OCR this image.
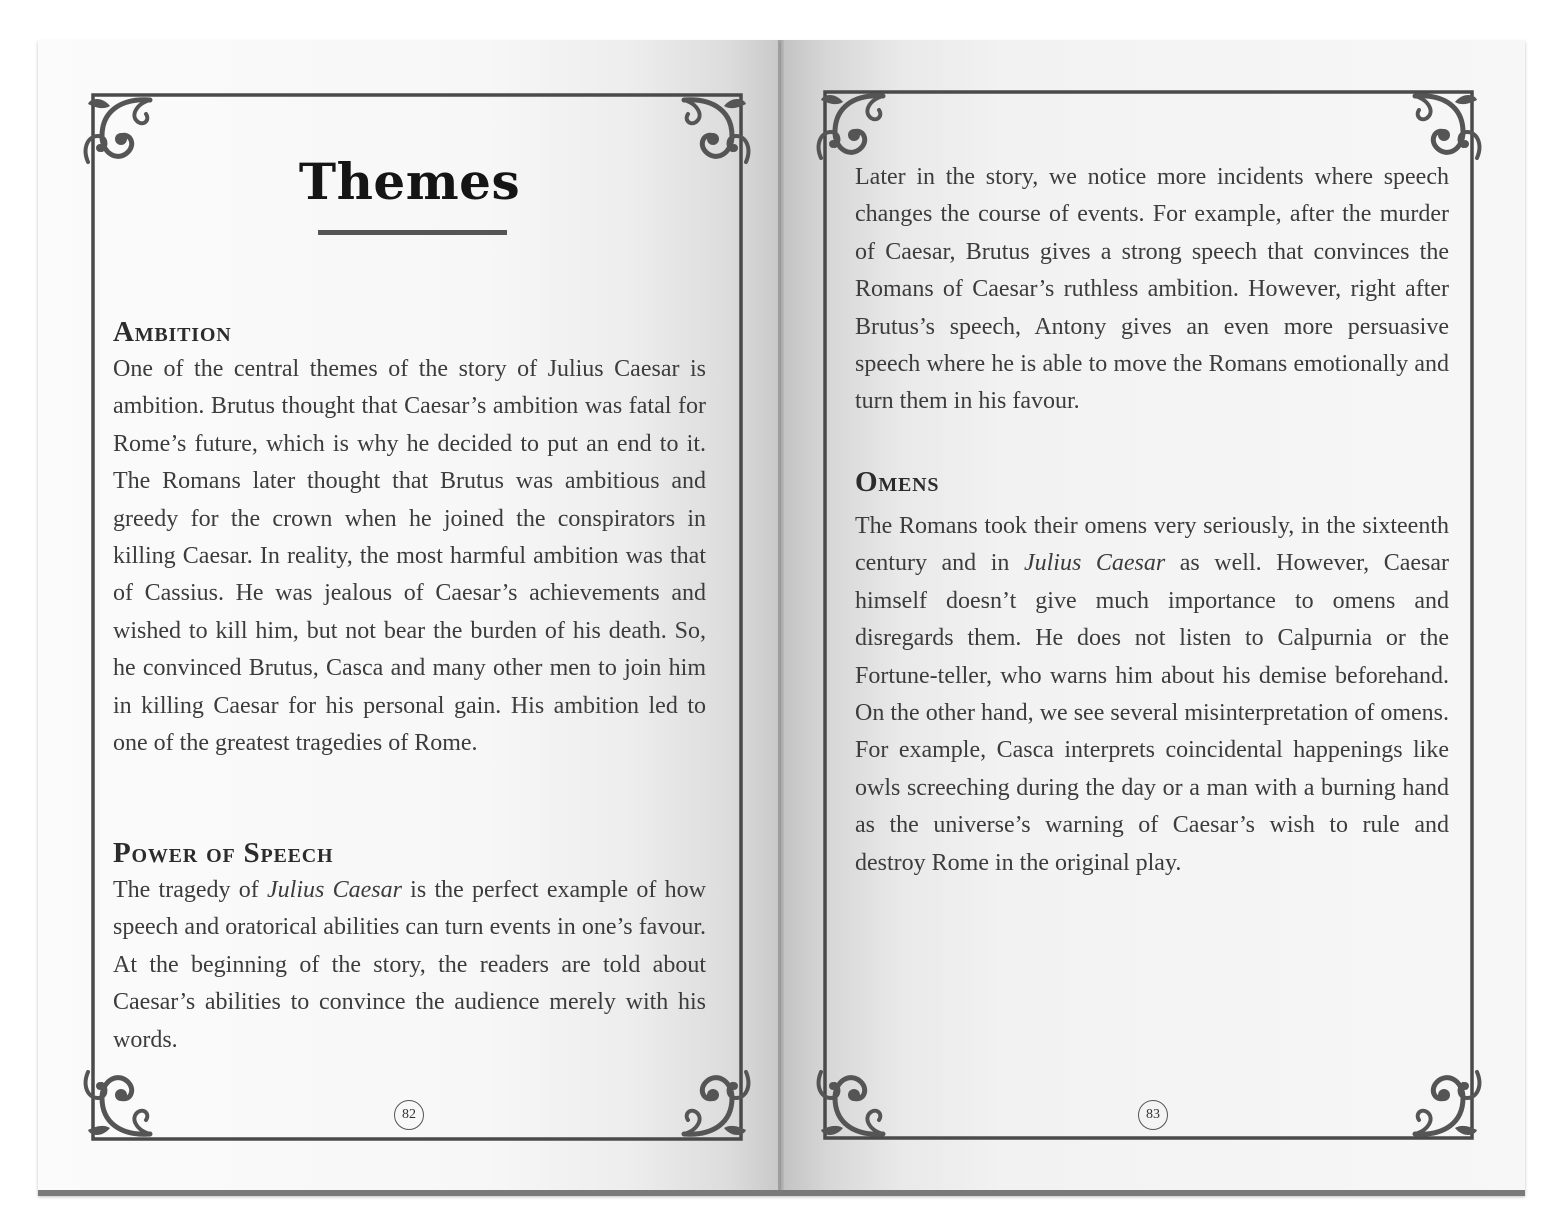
Themes
Ambition

One of the central themes of the story of Julius Caesar is ambition. Brutus thought that Caesar’s ambition was fatal for Rome’s future, which is why he decided to put an end to it. The Romans later thought that Brutus was ambitious and greedy for the crown when he joined the conspirators in killing Caesar. In reality, the most harmful ambition was that of Cassius. He was jealous of Caesar’s achievements and wished to kill him, but not bear the burden of his death. So, he convinced Brutus, Casca and many other men to join him in killing Caesar for his personal gain. His ambition led to one of the greatest tragedies of Rome.

Power of Speech

The tragedy of Julius Caesar is the perfect example of how speech and oratorical abilities can turn events in one’s favour. At the beginning of the story, the readers are told about Caesar’s abilities to convince the audience merely with his words.

82

Later in the story, we notice more incidents where speech changes the course of events. For example, after the murder of Caesar, Brutus gives a strong speech that convinces the Romans of Caesar’s ruthless ambition. However, right after Brutus’s speech, Antony gives an even more persuasive speech where he is able to move the Romans emotionally and turn them in his favour.

Omens

The Romans took their omens very seriously, in the sixteenth century and in Julius Caesar as well. However, Caesar himself doesn’t give much importance to omens and disregards them. He does not listen to Calpurnia or the Fortune-teller, who warns him about his demise beforehand. On the other hand, we see several misinterpretation of omens. For example, Casca interprets coincidental happenings like owls screeching during the day or a man with a burning hand as the universe’s warning of Caesar’s wish to rule and destroy Rome in the original play.

83
